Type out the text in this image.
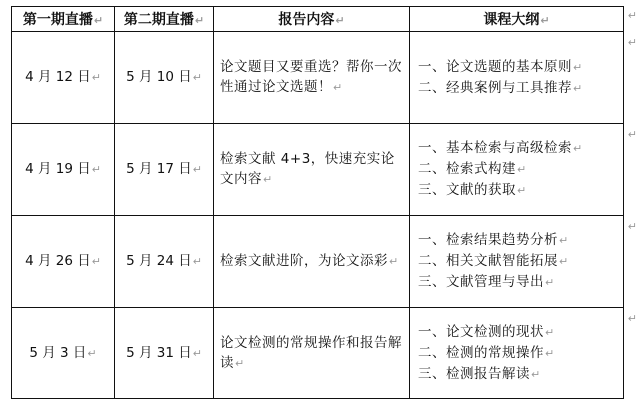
第一期直播↵	第二期直播↵	报告内容↵	课程大纲↵
4 月 12 日↵	5 月 10 日↵	论文题目又要重选？帮你一次性通过论文选题！↵	一、论文选题的基本原则↵
二、经典案例与工具推荐↵

4 月 19 日↵	5 月 17 日↵	检索文献 4+3，快速充实论文内容↵	一、基本检索与高级检索↵
二、检索式构建↵
三、文献的获取↵

4 月 26 日↵	5 月 24 日↵	检索文献进阶，为论文添彩↵	一、检索结果趋势分析↵
二、相关文献智能拓展↵
三、文献管理与导出↵

5 月 3 日↵	5 月 31 日↵	论文检测的常规操作和报告解读↵	一、论文检测的现状↵
二、检测的常规操作↵
三、检测报告解读↵
↵
↵
↵
↵
↵
